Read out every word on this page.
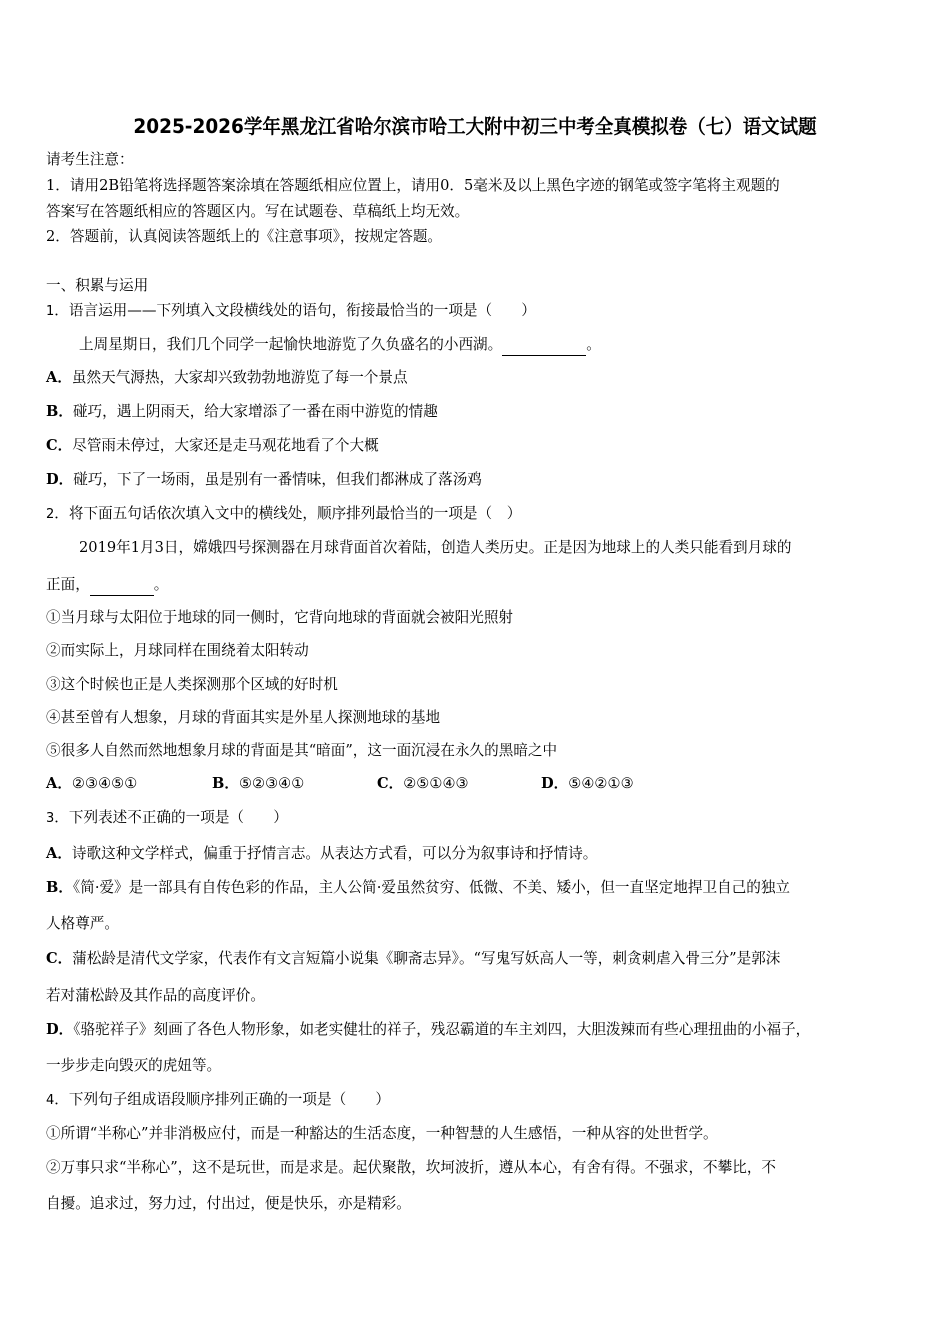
2025-2026学年黑龙江省哈尔滨市哈工大附中初三中考全真模拟卷（七）语文试题
请考生注意：
1．请用2B铅笔将选择题答案涂填在答题纸相应位置上，请用0．5毫米及以上黑色字迹的钢笔或签字笔将主观题的
答案写在答题纸相应的答题区内。写在试题卷、草稿纸上均无效。
2．答题前，认真阅读答题纸上的《注意事项》，按规定答题。
一、积累与运用
1．语言运用——下列填入文段横线处的语句，衔接最恰当的一项是（　　）
上周星期日，我们几个同学一起愉快地游览了久负盛名的小西湖。	。
A．虽然天气溽热，大家却兴致勃勃地游览了每一个景点
B．碰巧，遇上阴雨天，给大家增添了一番在雨中游览的情趣
C．尽管雨未停过，大家还是走马观花地看了个大概
D．碰巧，下了一场雨，虽是别有一番情味，但我们都淋成了落汤鸡
2．将下面五句话依次填入文中的横线处，顺序排列最恰当的一项是（　）
2019年1月3日，嫦娥四号探测器在月球背面首次着陆，创造人类历史。正是因为地球上的人类只能看到月球的
正面，	。
①当月球与太阳位于地球的同一侧时，它背向地球的背面就会被阳光照射
②而实际上，月球同样在围绕着太阳转动
③这个时候也正是人类探测那个区域的好时机
④甚至曾有人想象，月球的背面其实是外星人探测地球的基地
⑤很多人自然而然地想象月球的背面是其“暗面”，这一面沉浸在永久的黑暗之中
A．②③④⑤①	B．⑤②③④①	C．②⑤①④③	D．⑤④②①③
3．下列表述不正确的一项是（　　）
A．诗歌这种文学样式，偏重于抒情言志。从表达方式看，可以分为叙事诗和抒情诗。
B．《简·爱》是一部具有自传色彩的作品，主人公简·爱虽然贫穷、低微、不美、矮小，但一直坚定地捍卫自己的独立
人格尊严。
C．蒲松龄是清代文学家，代表作有文言短篇小说集《聊斋志异》。“写鬼写妖高人一等，刺贪刺虐入骨三分”是郭沫
若对蒲松龄及其作品的高度评价。
D．《骆驼祥子》刻画了各色人物形象，如老实健壮的祥子，残忍霸道的车主刘四，大胆泼辣而有些心理扭曲的小福子，
一步步走向毁灭的虎妞等。
4．下列句子组成语段顺序排列正确的一项是（　　）
①所谓“半称心”并非消极应付，而是一种豁达的生活态度，一种智慧的人生感悟，一种从容的处世哲学。
②万事只求“半称心”，这不是玩世，而是求是。起伏聚散，坎坷波折，遵从本心，有舍有得。不强求，不攀比，不
自擾。追求过，努力过，付出过，便是快乐，亦是精彩。
